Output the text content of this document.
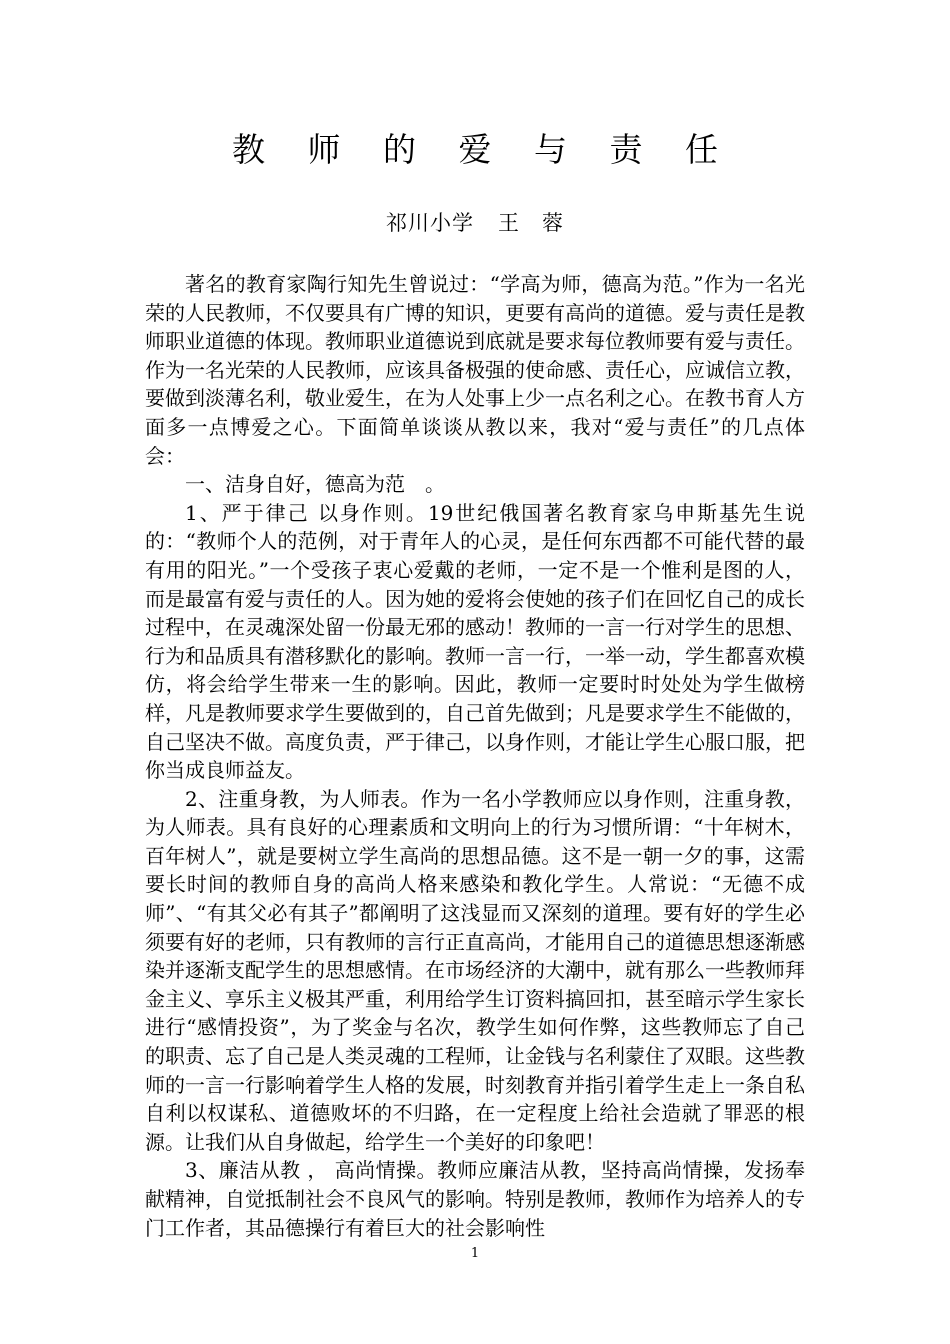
教 师 的 爱 与 责 任
祁川小学 王　蓉

著名的教育家陶行知先生曾说过：“学高为师，德高为范。”作为一名光荣的人民教师，不仅要具有广博的知识，更要有高尚的道德。爱与责任是教师职业道德的体现。教师职业道德说到底就是要求每位教师要有爱与责任。作为一名光荣的人民教师，应该具备极强的使命感、责任心，应诚信立教，要做到淡薄名利，敬业爱生，在为人处事上少一点名利之心。在教书育人方面多一点博爱之心。下面简单谈谈从教以来，我对“爱与责任”的几点体会：

一、洁身自好，德高为范　。

1、严于律己 以身作则。19世纪俄国著名教育家乌申斯基先生说的：“教师个人的范例，对于青年人的心灵，是任何东西都不可能代替的最有用的阳光。”一个受孩子衷心爱戴的老师，一定不是一个惟利是图的人，而是最富有爱与责任的人。因为她的爱将会使她的孩子们在回忆自己的成长过程中，在灵魂深处留一份最无邪的感动！教师的一言一行对学生的思想、行为和品质具有潜移默化的影响。教师一言一行，一举一动，学生都喜欢模仿，将会给学生带来一生的影响。因此，教师一定要时时处处为学生做榜样，凡是教师要求学生要做到的，自己首先做到；凡是要求学生不能做的，自己坚决不做。高度负责，严于律己，以身作则，才能让学生心服口服，把你当成良师益友。

2、注重身教，为人师表。作为一名小学教师应以身作则，注重身教，为人师表。具有良好的心理素质和文明向上的行为习惯所谓：“十年树木，百年树人”，就是要树立学生高尚的思想品德。这不是一朝一夕的事，这需要长时间的教师自身的高尚人格来感染和教化学生。人常说：“无德不成师”、“有其父必有其子”都阐明了这浅显而又深刻的道理。要有好的学生必须要有好的老师，只有教师的言行正直高尚，才能用自己的道德思想逐渐感染并逐渐支配学生的思想感情。在市场经济的大潮中，就有那么一些教师拜金主义、享乐主义极其严重，利用给学生订资料搞回扣，甚至暗示学生家长进行“感情投资”，为了奖金与名次，教学生如何作弊，这些教师忘了自己的职责、忘了自己是人类灵魂的工程师，让金钱与名利蒙住了双眼。这些教师的一言一行影响着学生人格的发展，时刻教育并指引着学生走上一条自私自利以权谋私、道德败坏的不归路，在一定程度上给社会造就了罪恶的根源。让我们从自身做起，给学生一个美好的印象吧！

3、廉洁从教 ， 高尚情操。教师应廉洁从教，坚持高尚情操，发扬奉献精神，自觉抵制社会不良风气的影响。特别是教师，教师作为培养人的专门工作者，其品德操行有着巨大的社会影响性

1
